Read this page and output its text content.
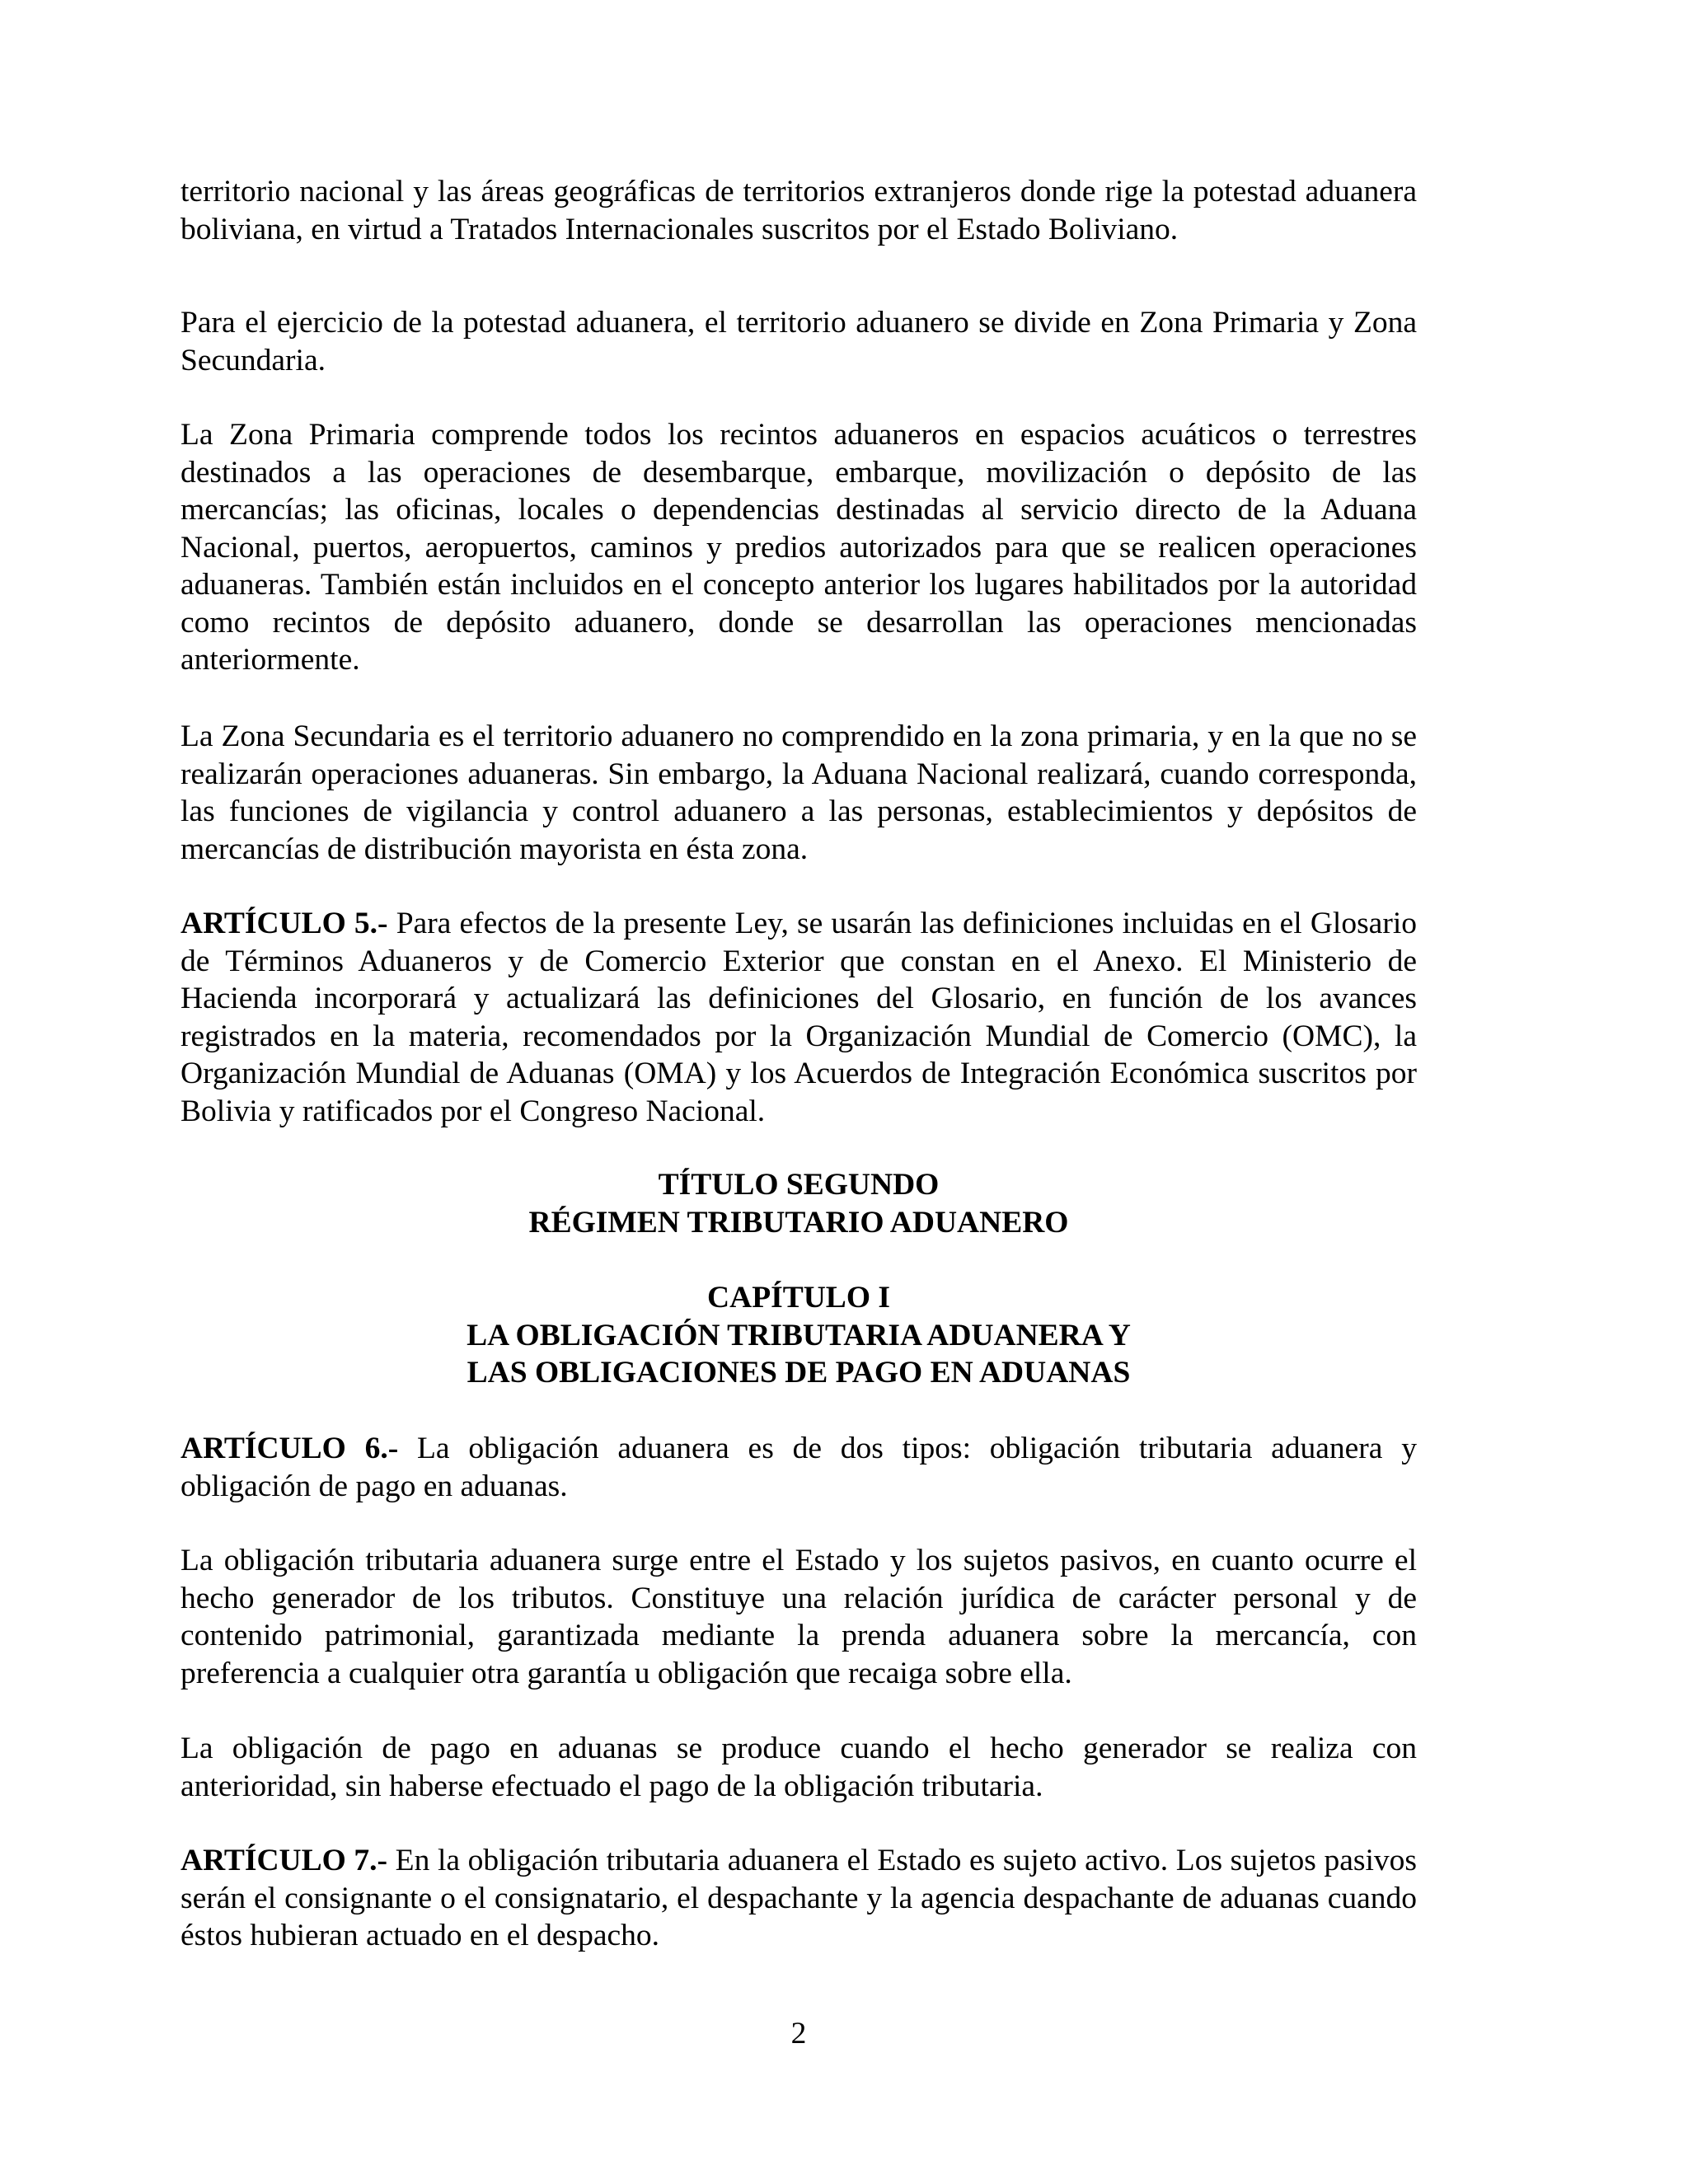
territorio nacional y las áreas geográficas de territorios extranjeros donde rige la potestad aduanera boliviana, en virtud a Tratados Internacionales suscritos por el Estado Boliviano.

Para el ejercicio de la potestad aduanera, el territorio aduanero se divide en Zona Primaria y Zona Secundaria.

La Zona Primaria comprende todos los recintos aduaneros en espacios acuáticos o terrestres destinados a las operaciones de desembarque, embarque, movilización o depósito de las mercancías; las oficinas, locales o dependencias destinadas al servicio directo de la Aduana Nacional, puertos, aeropuertos, caminos y predios autorizados para que se realicen operaciones aduaneras. También están incluidos en el concepto anterior los lugares habilitados por la autoridad como recintos de depósito aduanero, donde se desarrollan las operaciones mencionadas anteriormente.

La Zona Secundaria es el territorio aduanero no comprendido en la zona primaria, y en la que no se realizarán operaciones aduaneras. Sin embargo, la Aduana Nacional realizará, cuando corresponda, las funciones de vigilancia y control aduanero a las personas, establecimientos y depósitos de mercancías de distribución mayorista en ésta zona.

ARTÍCULO 5.- Para efectos de la presente Ley, se usarán las definiciones incluidas en el Glosario de Términos Aduaneros y de Comercio Exterior que constan en el Anexo. El Ministerio de Hacienda incorporará y actualizará las definiciones del Glosario, en función de los avances registrados en la materia, recomendados por la Organización Mundial de Comercio (OMC), la Organización Mundial de Aduanas (OMA) y los Acuerdos de Integración Económica suscritos por Bolivia y ratificados por el Congreso Nacional.

TÍTULO SEGUNDO
RÉGIMEN TRIBUTARIO ADUANERO
CAPÍTULO I
LA OBLIGACIÓN TRIBUTARIA ADUANERA Y
LAS OBLIGACIONES DE PAGO EN ADUANAS

ARTÍCULO 6.- La obligación aduanera es de dos tipos: obligación tributaria aduanera y obligación de pago en aduanas.

La obligación tributaria aduanera surge entre el Estado y los sujetos pasivos, en cuanto ocurre el hecho generador de los tributos. Constituye una relación jurídica de carácter personal y de contenido patrimonial, garantizada mediante la prenda aduanera sobre la mercancía, con preferencia a cualquier otra garantía u obligación que recaiga sobre ella.

La obligación de pago en aduanas se produce cuando el hecho generador se realiza con anterioridad, sin haberse efectuado el pago de la obligación tributaria.

ARTÍCULO 7.- En la obligación tributaria aduanera el Estado es sujeto activo. Los sujetos pasivos serán el consignante o el consignatario, el despachante y la agencia despachante de aduanas cuando éstos hubieran actuado en el despacho.

2
